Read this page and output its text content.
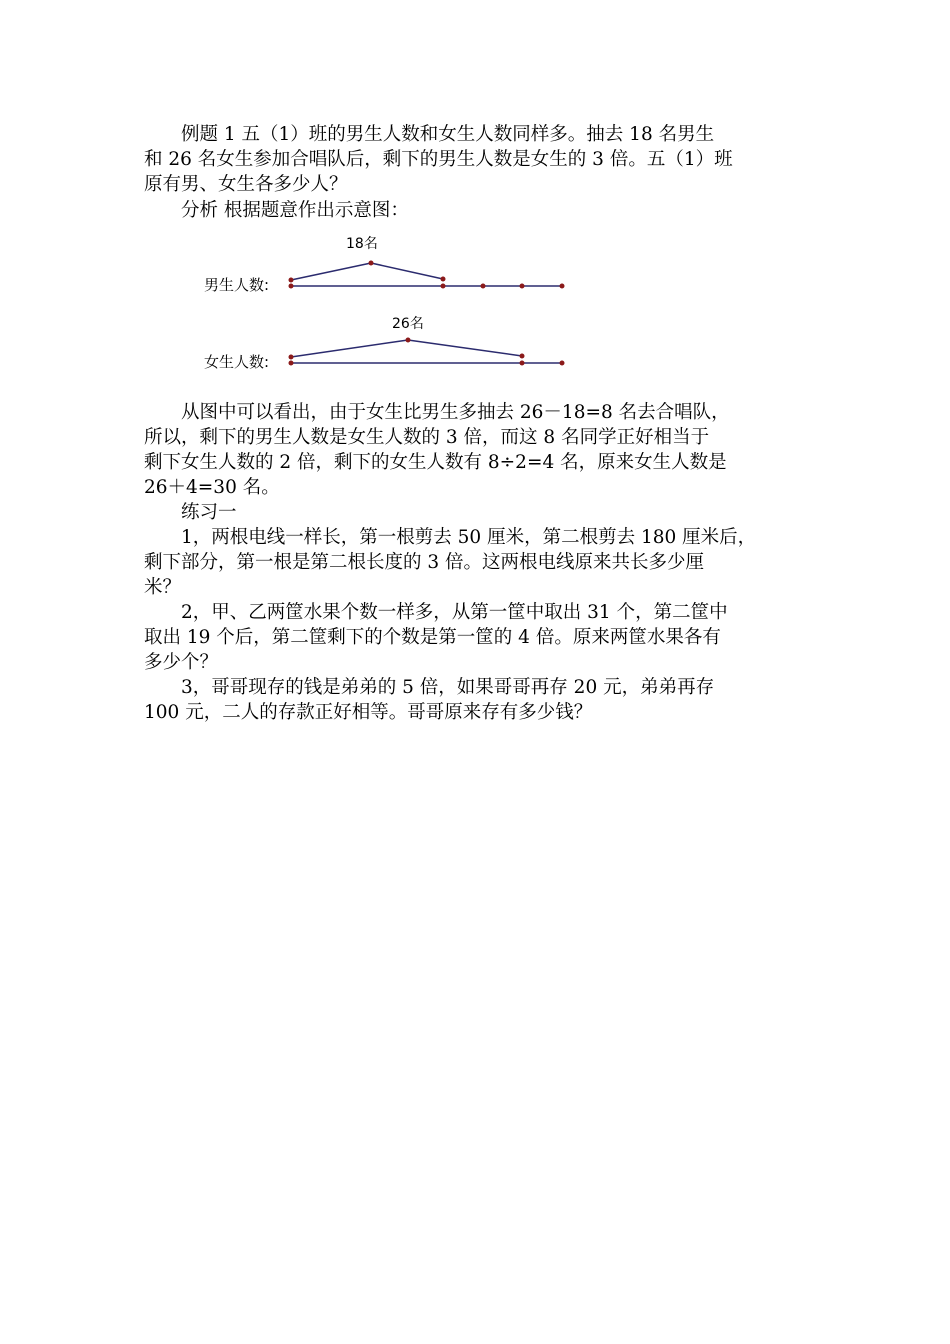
例题 1 五（1）班的男生人数和女生人数同样多。抽去 18 名男生
和 26 名女生参加合唱队后，剩下的男生人数是女生的 3 倍。五（1）班
原有男、女生各多少人？
分析 根据题意作出示意图：
18名
男生人数:
26名
女生人数:
从图中可以看出，由于女生比男生多抽去 26－18=8 名去合唱队，
所以，剩下的男生人数是女生人数的 3 倍，而这 8 名同学正好相当于
剩下女生人数的 2 倍，剩下的女生人数有 8÷2=4 名，原来女生人数是
26＋4=30 名。
练习一
1，两根电线一样长，第一根剪去 50 厘米，第二根剪去 180 厘米后，
剩下部分，第一根是第二根长度的 3 倍。这两根电线原来共长多少厘
米？
2，甲、乙两筐水果个数一样多，从第一筐中取出 31 个，第二筐中
取出 19 个后，第二筐剩下的个数是第一筐的 4 倍。原来两筐水果各有
多少个？
3，哥哥现存的钱是弟弟的 5 倍，如果哥哥再存 20 元，弟弟再存
100 元，二人的存款正好相等。哥哥原来存有多少钱？
